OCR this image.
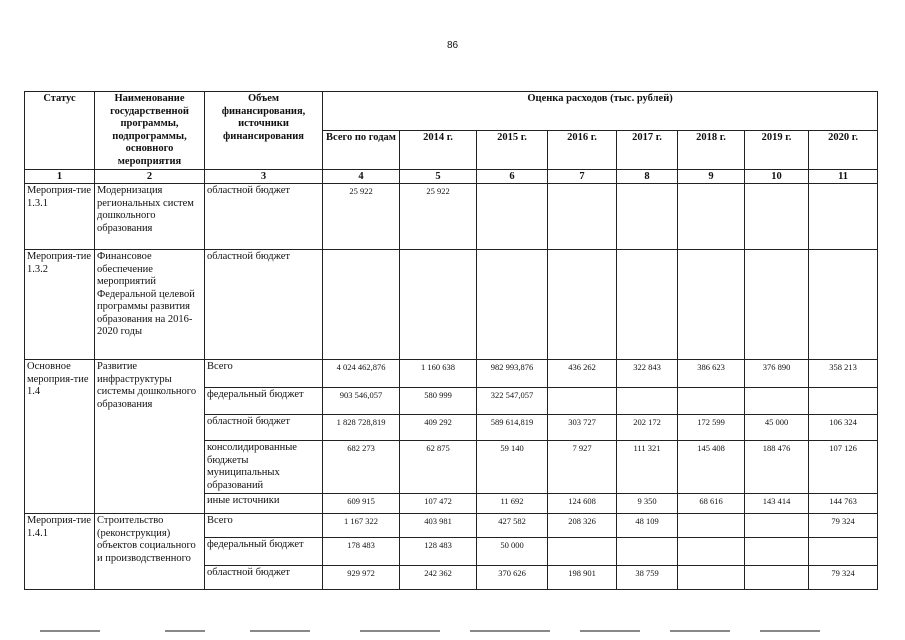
86
Статус	Наименование государственной программы, подпрограммы, основного мероприятия	Объем финансирования, источники финансирования	Оценка расходов (тыс. рублей)							
			Всего по годам	2014 г.	2015 г.	2016 г.	2017 г.	2018 г.	2019 г.	2020 г.
1	2	3	4	5	6	7	8	9	10	11
Мероприя-тие 1.3.1	Модернизация региональных систем дошкольного образования	областной бюджет	25 922	25 922						
Мероприя-тие 1.3.2	Финансовое обеспечение мероприятий Федеральной целевой программы развития образования на 2016-2020 годы	областной бюджет								
Основное мероприя-тие 1.4	Развитие инфраструктуры системы дошкольного образования	Всего	4 024 462,876	1 160 638	982 993,876	436 262	322 843	386 623	376 890	358 213
		федеральный бюджет	903 546,057	580 999	322 547,057					
		областной бюджет	1 828 728,819	409 292	589 614,819	303 727	202 172	172 599	45 000	106 324
		консолидированные бюджеты муниципальных образований	682 273	62 875	59 140	7 927	111 321	145 408	188 476	107 126
		иные источники	609 915	107 472	11 692	124 608	9 350	68 616	143 414	144 763
Мероприя-тие 1.4.1	Строительство (реконструкция) объектов социального и производственного	Всего	1 167 322	403 981	427 582	208 326	48 109			79 324
		федеральный бюджет	178 483	128 483	50 000					
		областной бюджет	929 972	242 362	370 626	198 901	38 759			79 324
